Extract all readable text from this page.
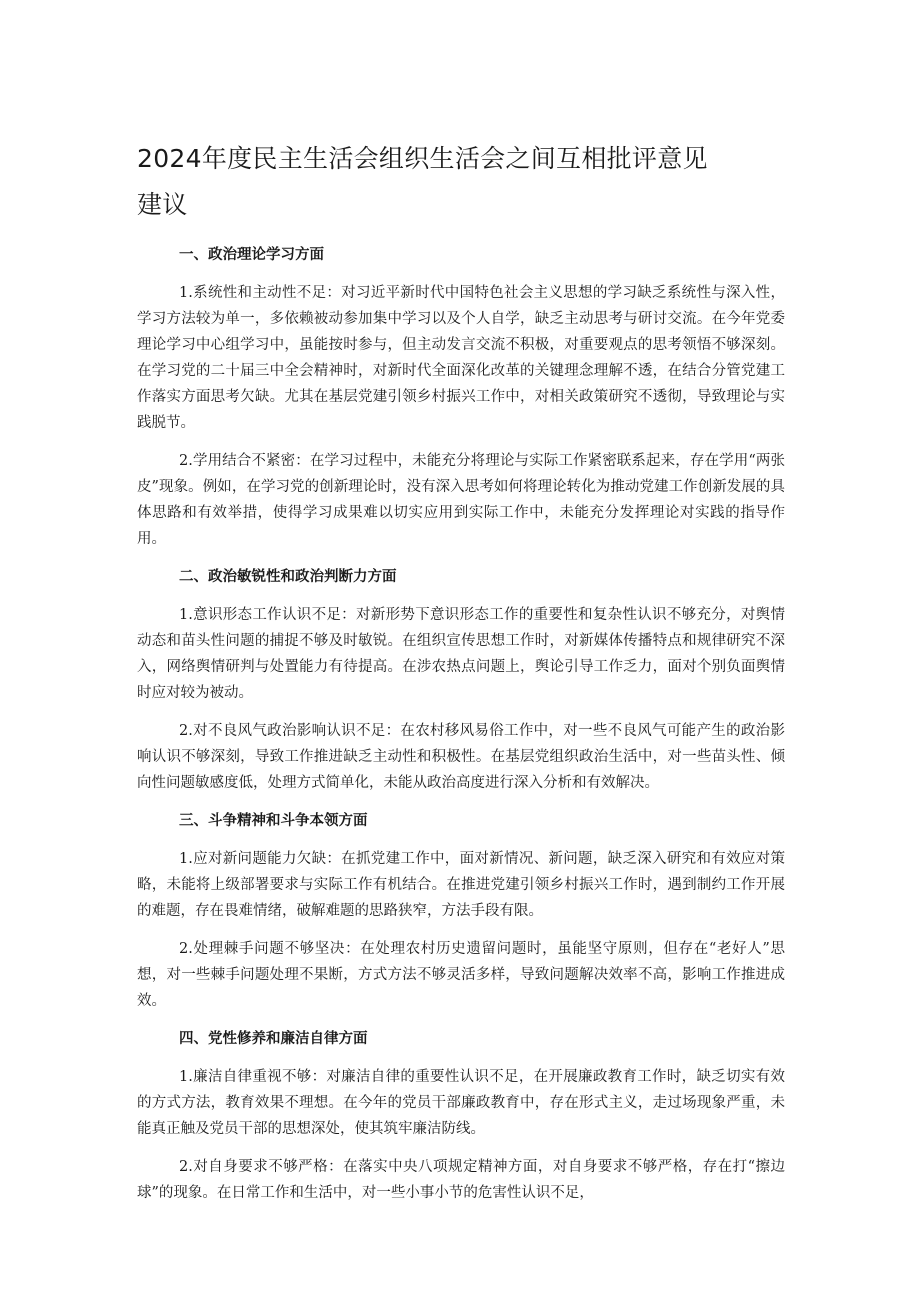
2024年度民主生活会组织生活会之间互相批评意见
建议
一、政治理论学习方面

1.系统性和主动性不足：对习近平新时代中国特色社会主义思想的学习缺乏系统性与深入性，学习方法较为单一，多依赖被动参加集中学习以及个人自学，缺乏主动思考与研讨交流。在今年党委理论学习中心组学习中，虽能按时参与，但主动发言交流不积极，对重要观点的思考领悟不够深刻。在学习党的二十届三中全会精神时，对新时代全面深化改革的关键理念理解不透，在结合分管党建工作落实方面思考欠缺。尤其在基层党建引领乡村振兴工作中，对相关政策研究不透彻，导致理论与实践脱节。

2.学用结合不紧密：在学习过程中，未能充分将理论与实际工作紧密联系起来，存在学用“两张皮”现象。例如，在学习党的创新理论时，没有深入思考如何将理论转化为推动党建工作创新发展的具体思路和有效举措，使得学习成果难以切实应用到实际工作中，未能充分发挥理论对实践的指导作用。

二、政治敏锐性和政治判断力方面

1.意识形态工作认识不足：对新形势下意识形态工作的重要性和复杂性认识不够充分，对舆情动态和苗头性问题的捕捉不够及时敏锐。在组织宣传思想工作时，对新媒体传播特点和规律研究不深入，网络舆情研判与处置能力有待提高。在涉农热点问题上，舆论引导工作乏力，面对个别负面舆情时应对较为被动。

2.对不良风气政治影响认识不足：在农村移风易俗工作中，对一些不良风气可能产生的政治影响认识不够深刻，导致工作推进缺乏主动性和积极性。在基层党组织政治生活中，对一些苗头性、倾向性问题敏感度低，处理方式简单化，未能从政治高度进行深入分析和有效解决。

三、斗争精神和斗争本领方面

1.应对新问题能力欠缺：在抓党建工作中，面对新情况、新问题，缺乏深入研究和有效应对策略，未能将上级部署要求与实际工作有机结合。在推进党建引领乡村振兴工作时，遇到制约工作开展的难题，存在畏难情绪，破解难题的思路狭窄，方法手段有限。

2.处理棘手问题不够坚决：在处理农村历史遗留问题时，虽能坚守原则，但存在“老好人”思想，对一些棘手问题处理不果断，方式方法不够灵活多样，导致问题解决效率不高，影响工作推进成效。

四、党性修养和廉洁自律方面

1.廉洁自律重视不够：对廉洁自律的重要性认识不足，在开展廉政教育工作时，缺乏切实有效的方式方法，教育效果不理想。在今年的党员干部廉政教育中，存在形式主义，走过场现象严重，未能真正触及党员干部的思想深处，使其筑牢廉洁防线。

2.对自身要求不够严格：在落实中央八项规定精神方面，对自身要求不够严格，存在打“擦边球”的现象。在日常工作和生活中，对一些小事小节的危害性认识不足，
